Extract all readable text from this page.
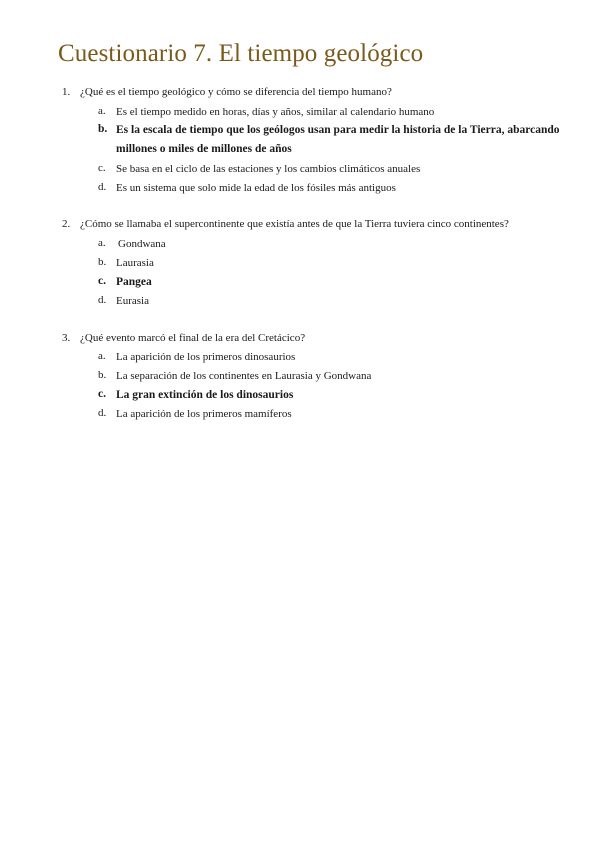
Cuestionario 7. El tiempo geológico
1. ¿Qué es el tiempo geológico y cómo se diferencia del tiempo humano?
a. Es el tiempo medido en horas, días y años, similar al calendario humano
b. Es la escala de tiempo que los geólogos usan para medir la historia de la Tierra, abarcando millones o miles de millones de años
c. Se basa en el ciclo de las estaciones y los cambios climáticos anuales
d. Es un sistema que solo mide la edad de los fósiles más antiguos
2. ¿Cómo se llamaba el supercontinente que existía antes de que la Tierra tuviera cinco continentes?
a. Gondwana
b. Laurasia
c. Pangea
d. Eurasia
3. ¿Qué evento marcó el final de la era del Cretácico?
a. La aparición de los primeros dinosaurios
b. La separación de los continentes en Laurasia y Gondwana
c. La gran extinción de los dinosaurios
d. La aparición de los primeros mamíferos
